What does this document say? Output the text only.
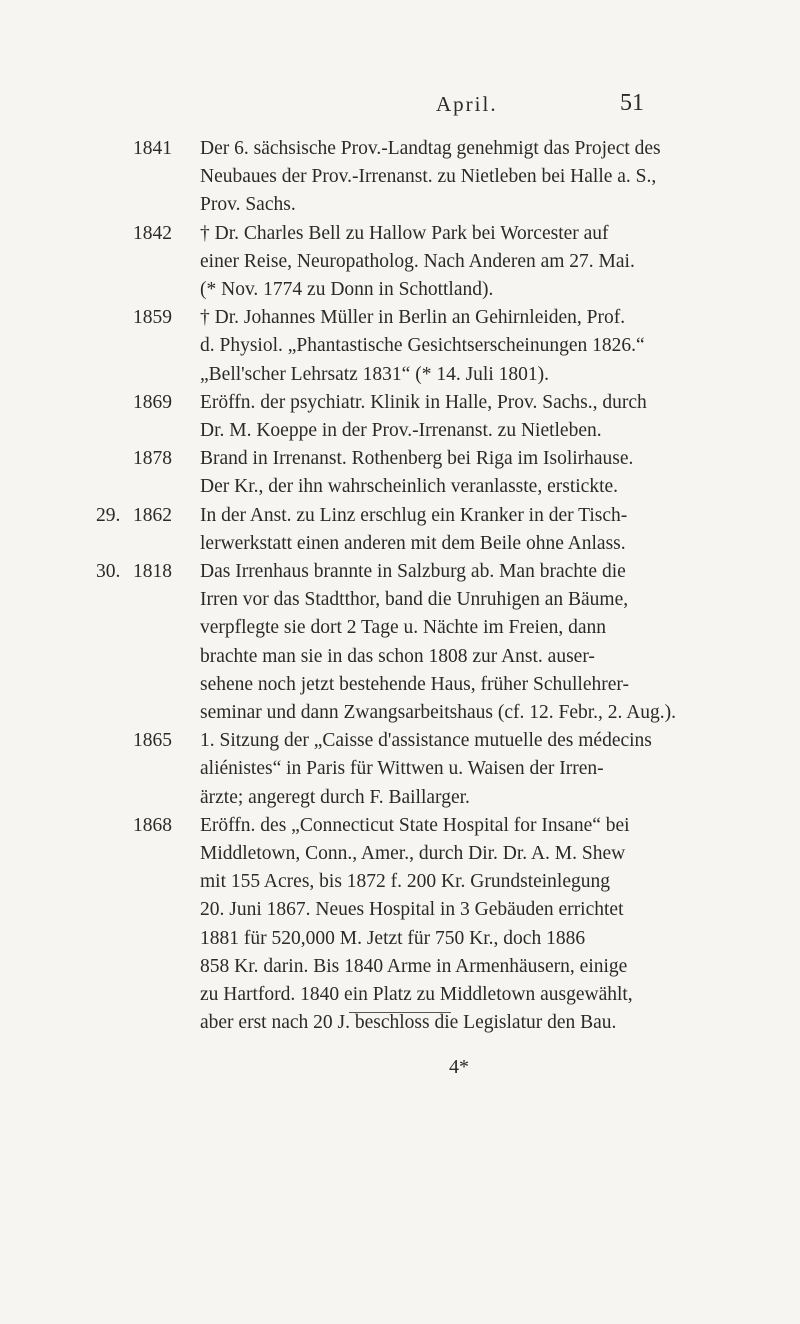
April.	51
1841	Der 6. sächsische Prov.-Landtag genehmigt das Project des
Neubaues der Prov.-Irrenanst. zu Nietleben bei Halle a. S.,
Prov. Sachs.
1842	† Dr. Charles Bell zu Hallow Park bei Worcester auf
einer Reise, Neuropatholog. Nach Anderen am 27. Mai.
(* Nov. 1774 zu Donn in Schottland).
1859	† Dr. Johannes Müller in Berlin an Gehirnleiden, Prof.
d. Physiol. „Phantastische Gesichtserscheinungen 1826.“
„Bell'scher Lehrsatz 1831“ (* 14. Juli 1801).
1869	Eröffn. der psychiatr. Klinik in Halle, Prov. Sachs., durch
Dr. M. Koeppe in der Prov.-Irrenanst. zu Nietleben.
1878	Brand in Irrenanst. Rothenberg bei Riga im Isolirhause.
Der Kr., der ihn wahrscheinlich veranlasste, erstickte.
29. 1862	In der Anst. zu Linz erschlug ein Kranker in der Tisch-
lerwerkstatt einen anderen mit dem Beile ohne Anlass.
30. 1818	Das Irrenhaus brannte in Salzburg ab. Man brachte die
Irren vor das Stadtthor, band die Unruhigen an Bäume,
verpflegte sie dort 2 Tage u. Nächte im Freien, dann
brachte man sie in das schon 1808 zur Anst. auser-
sehene noch jetzt bestehende Haus, früher Schullehrer-
seminar und dann Zwangsarbeitshaus (cf. 12. Febr., 2. Aug.).
1865	1. Sitzung der „Caisse d'assistance mutuelle des médecins
aliénistes“ in Paris für Wittwen u. Waisen der Irren-
ärzte; angeregt durch F. Baillarger.
1868	Eröffn. des „Connecticut State Hospital for Insane“ bei
Middletown, Conn., Amer., durch Dir. Dr. A. M. Shew
mit 155 Acres, bis 1872 f. 200 Kr. Grundsteinlegung
20. Juni 1867. Neues Hospital in 3 Gebäuden errichtet
1881 für 520,000 M. Jetzt für 750 Kr., doch 1886
858 Kr. darin. Bis 1840 Arme in Armenhäusern, einige
zu Hartford. 1840 ein Platz zu Middletown ausgewählt,
aber erst nach 20 J. beschloss die Legislatur den Bau.
4*
